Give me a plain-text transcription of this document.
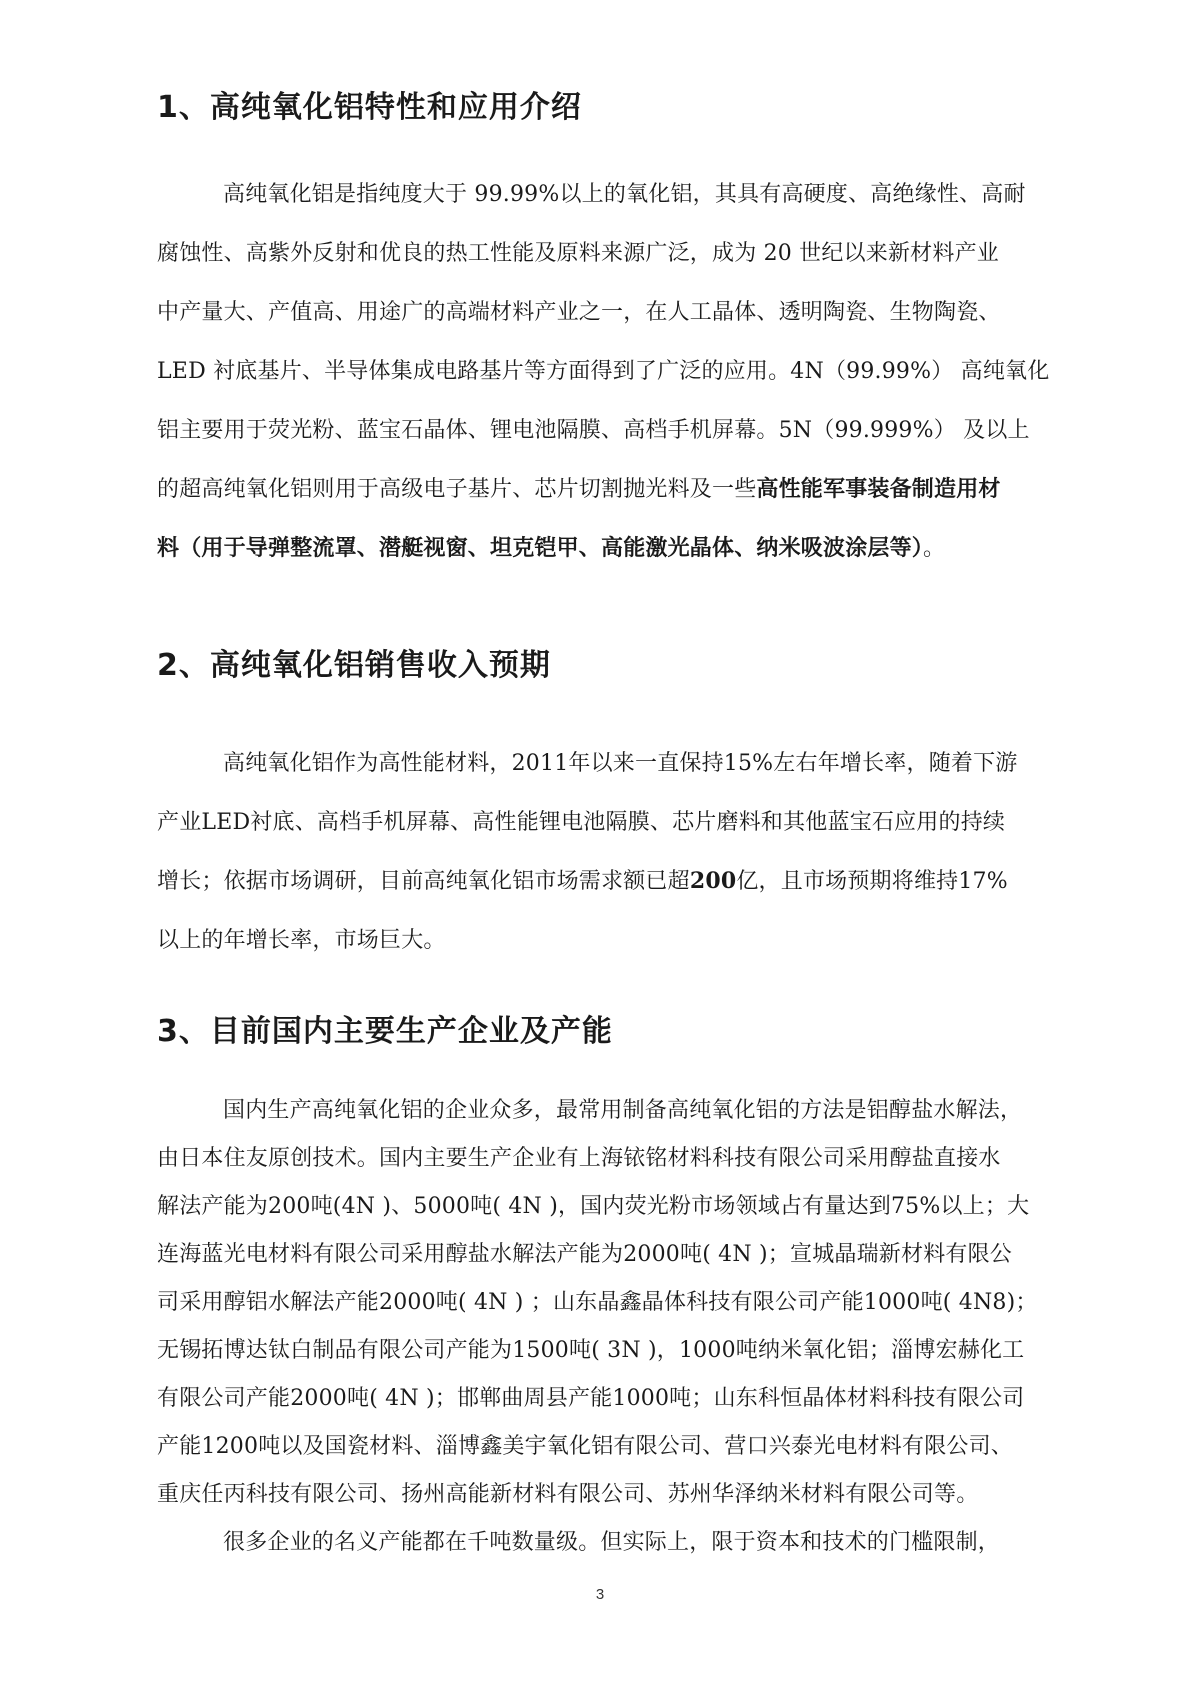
1、高纯氧化铝特性和应用介绍
高纯氧化铝是指纯度大于 99.99%以上的氧化铝，其具有高硬度、高绝缘性、高耐
腐蚀性、高紫外反射和优良的热工性能及原料来源广泛，成为 20 世纪以来新材料产业
中产量大、产值高、用途广的高端材料产业之一，在人工晶体、透明陶瓷、生物陶瓷、
LED 衬底基片、半导体集成电路基片等方面得到了广泛的应用。4N（99.99%） 高纯氧化
铝主要用于荧光粉、蓝宝石晶体、锂电池隔膜、高档手机屏幕。5N（99.999%） 及以上
的超高纯氧化铝则用于高级电子基片、芯片切割抛光料及一些高性能军事装备制造用材
料（用于导弹整流罩、潜艇视窗、坦克铠甲、高能激光晶体、纳米吸波涂层等）。
2、高纯氧化铝销售收入预期
高纯氧化铝作为高性能材料，2011年以来一直保持15%左右年增长率，随着下游
产业LED衬底、高档手机屏幕、高性能锂电池隔膜、芯片磨料和其他蓝宝石应用的持续
增长；依据市场调研，目前高纯氧化铝市场需求额已超200亿，且市场预期将维持17%
以上的年增长率，市场巨大。
3、目前国内主要生产企业及产能
国内生产高纯氧化铝的企业众多，最常用制备高纯氧化铝的方法是铝醇盐水解法，
由日本住友原创技术。国内主要生产企业有上海铱铭材料科技有限公司采用醇盐直接水
解法产能为200吨(4N )、5000吨( 4N )，国内荧光粉市场领域占有量达到75%以上；大
连海蓝光电材料有限公司采用醇盐水解法产能为2000吨( 4N )；宣城晶瑞新材料有限公
司采用醇铝水解法产能2000吨( 4N ) ；山东晶鑫晶体科技有限公司产能1000吨( 4N8)；
无锡拓博达钛白制品有限公司产能为1500吨( 3N )，1000吨纳米氧化铝；淄博宏赫化工
有限公司产能2000吨( 4N )；邯郸曲周县产能1000吨；山东科恒晶体材料科技有限公司
产能1200吨以及国瓷材料、淄博鑫美宇氧化铝有限公司、营口兴泰光电材料有限公司、
重庆任丙科技有限公司、扬州高能新材料有限公司、苏州华泽纳米材料有限公司等。
很多企业的名义产能都在千吨数量级。但实际上，限于资本和技术的门槛限制，
3
